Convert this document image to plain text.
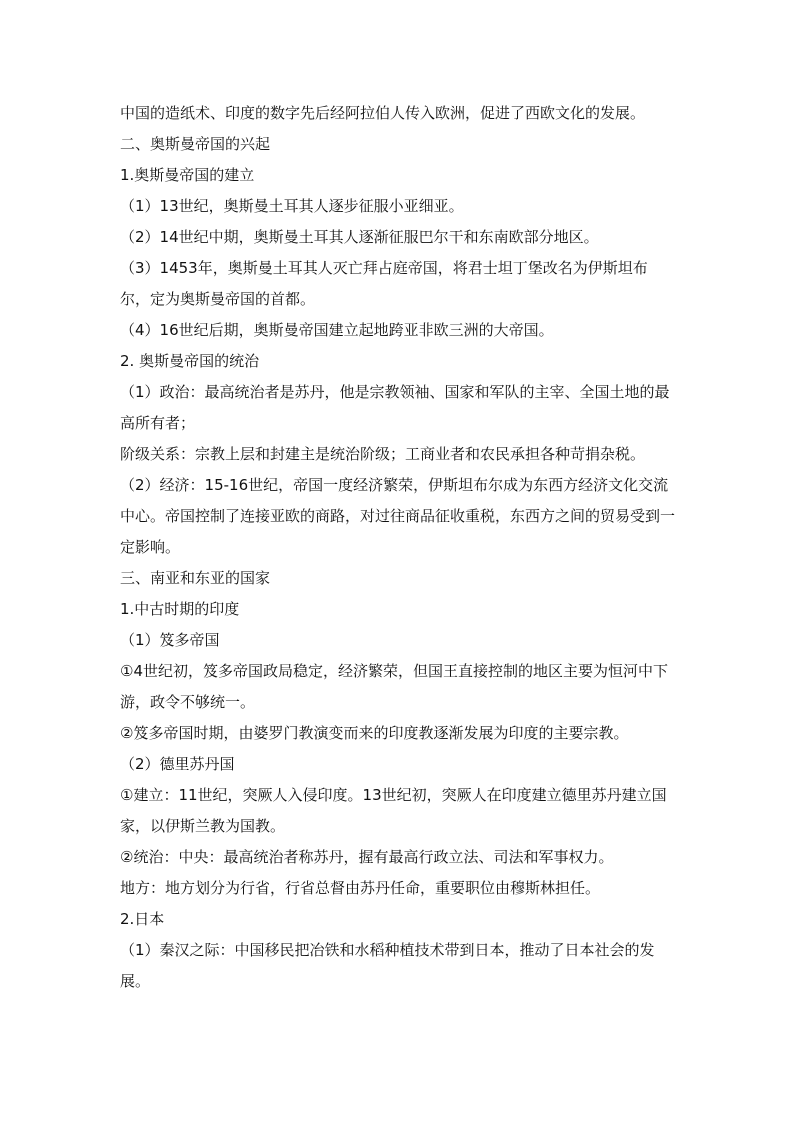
中国的造纸术、印度的数字先后经阿拉伯人传入欧洲，促进了西欧文化的发展。

二、奥斯曼帝国的兴起

1.奥斯曼帝国的建立

（1）13世纪，奥斯曼土耳其人逐步征服小亚细亚。

（2）14世纪中期，奥斯曼土耳其人逐渐征服巴尔干和东南欧部分地区。

（3）1453年，奥斯曼土耳其人灭亡拜占庭帝国，将君士坦丁堡改名为伊斯坦布尔，定为奥斯曼帝国的首都。

（4）16世纪后期，奥斯曼帝国建立起地跨亚非欧三洲的大帝国。

2. 奥斯曼帝国的统治

（1）政治：最高统治者是苏丹，他是宗教领袖、国家和军队的主宰、全国土地的最高所有者；

阶级关系：宗教上层和封建主是统治阶级；工商业者和农民承担各种苛捐杂税。

（2）经济：15-16世纪，帝国一度经济繁荣，伊斯坦布尔成为东西方经济文化交流中心。帝国控制了连接亚欧的商路，对过往商品征收重税，东西方之间的贸易受到一定影响。

三、南亚和东亚的国家

1.中古时期的印度

（1）笈多帝国

①4世纪初，笈多帝国政局稳定，经济繁荣，但国王直接控制的地区主要为恒河中下游，政令不够统一。

②笈多帝国时期，由婆罗门教演变而来的印度教逐渐发展为印度的主要宗教。

（2）德里苏丹国

①建立：11世纪，突厥人入侵印度。13世纪初，突厥人在印度建立德里苏丹建立国家，以伊斯兰教为国教。

②统治：中央：最高统治者称苏丹，握有最高行政立法、司法和军事权力。

地方：地方划分为行省，行省总督由苏丹任命，重要职位由穆斯林担任。

2.日本

（1）秦汉之际：中国移民把冶铁和水稻种植技术带到日本，推动了日本社会的发展。
